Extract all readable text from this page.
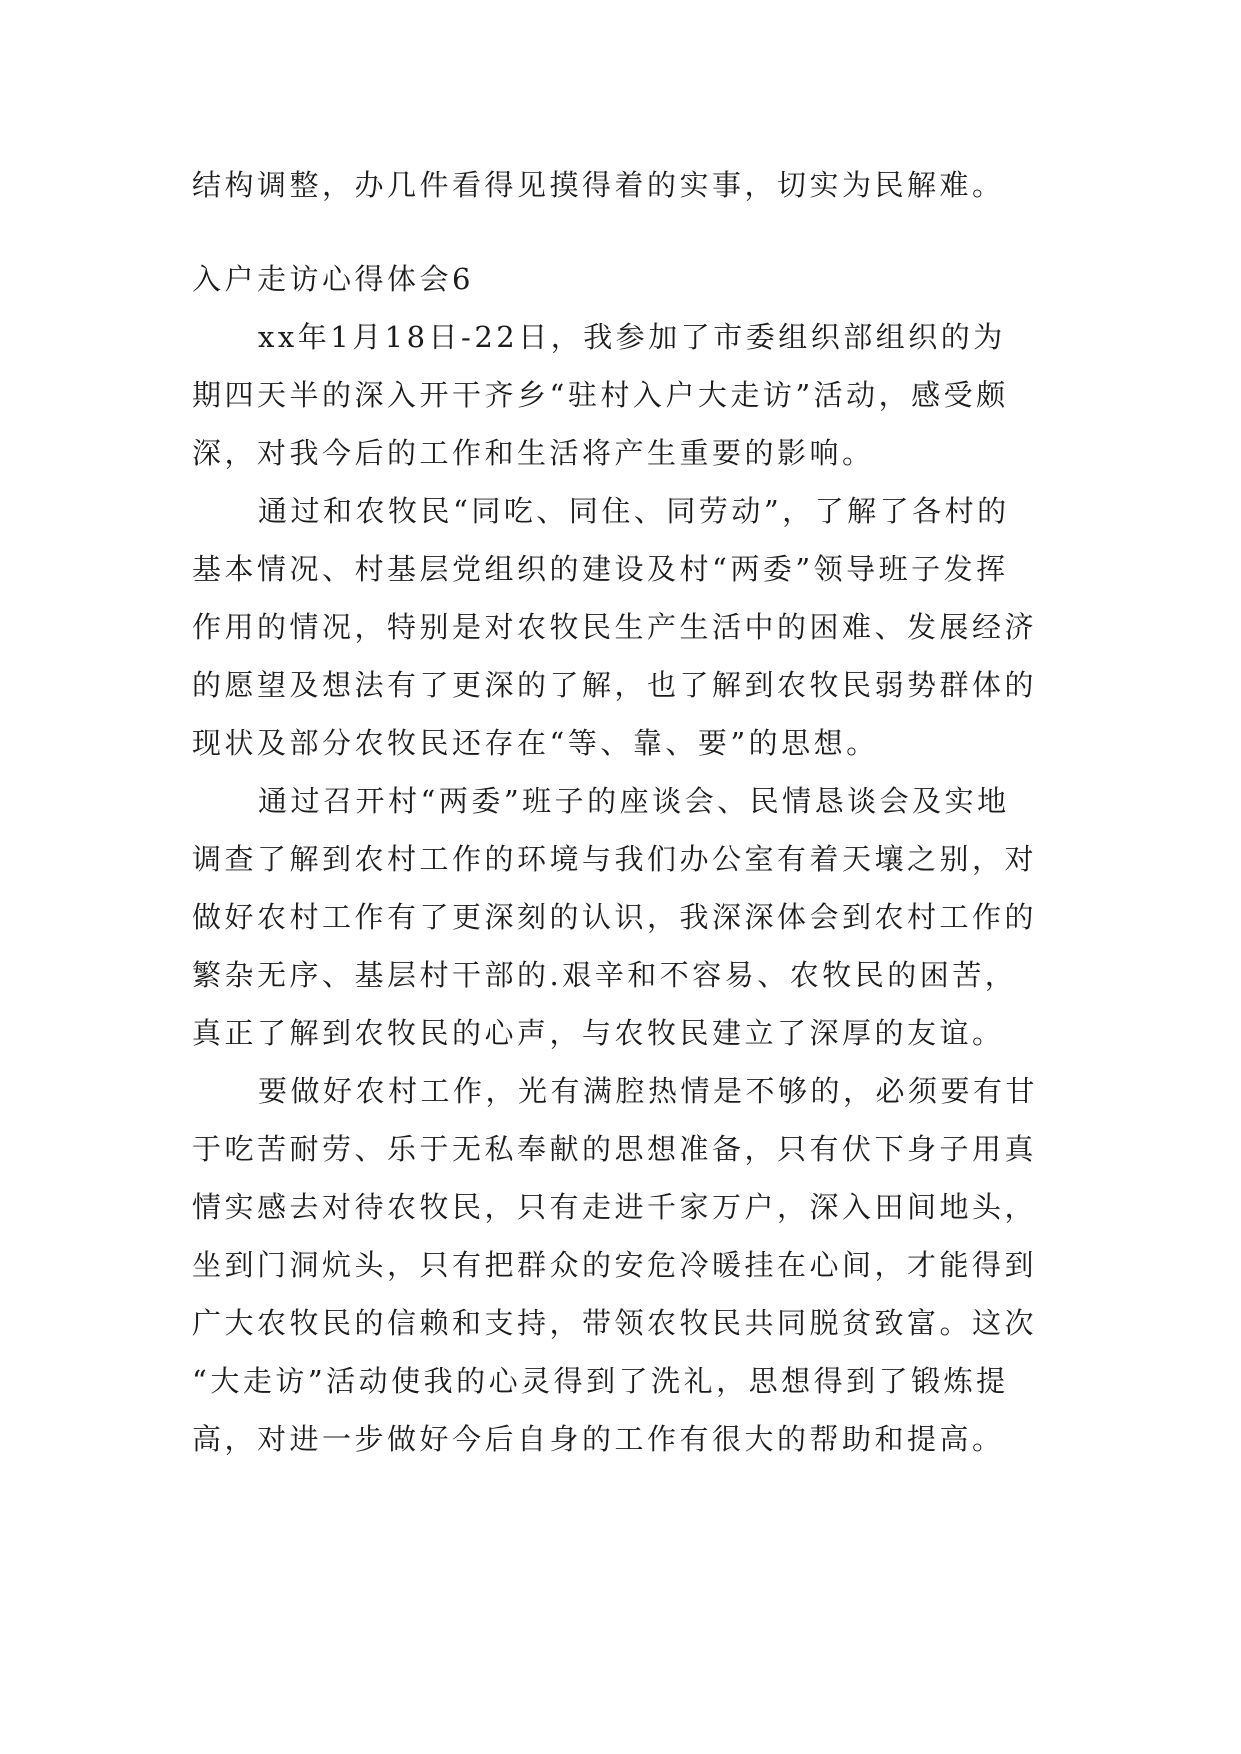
结构调整，办几件看得见摸得着的实事，切实为民解难。

入户走访心得体会6

xx年1月18日-22日，我参加了市委组织部组织的为

期四天半的深入开干齐乡“驻村入户大走访”活动，感受颇

深，对我今后的工作和生活将产生重要的影响。

通过和农牧民“同吃、同住、同劳动”，了解了各村的

基本情况、村基层党组织的建设及村“两委”领导班子发挥

作用的情况，特别是对农牧民生产生活中的困难、发展经济

的愿望及想法有了更深的了解，也了解到农牧民弱势群体的

现状及部分农牧民还存在“等、靠、要”的思想。

通过召开村“两委”班子的座谈会、民情恳谈会及实地

调查了解到农村工作的环境与我们办公室有着天壤之别，对

做好农村工作有了更深刻的认识，我深深体会到农村工作的

繁杂无序、基层村干部的.艰辛和不容易、农牧民的困苦，

真正了解到农牧民的心声，与农牧民建立了深厚的友谊。

要做好农村工作，光有满腔热情是不够的，必须要有甘

于吃苦耐劳、乐于无私奉献的思想准备，只有伏下身子用真

情实感去对待农牧民，只有走进千家万户，深入田间地头，

坐到门洞炕头，只有把群众的安危冷暖挂在心间，才能得到

广大农牧民的信赖和支持，带领农牧民共同脱贫致富。这次

“大走访”活动使我的心灵得到了洗礼，思想得到了锻炼提

高，对进一步做好今后自身的工作有很大的帮助和提高。
